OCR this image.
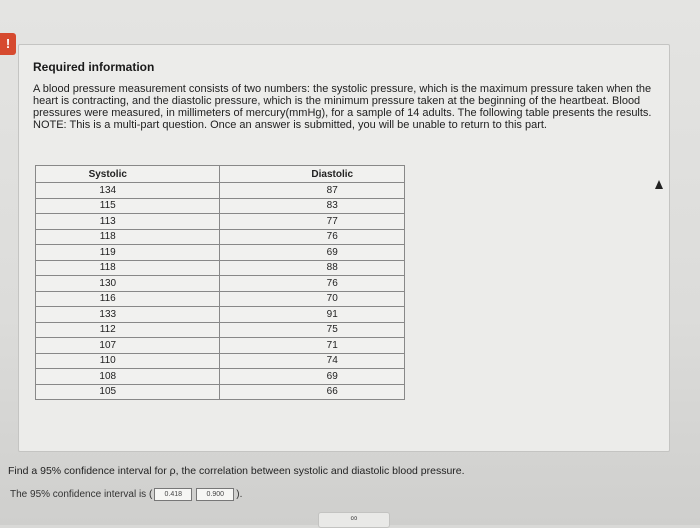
!
Required information

A blood pressure measurement consists of two numbers: the systolic pressure, which is the maximum pressure taken when the heart is contracting, and the diastolic pressure, which is the minimum pressure taken at the beginning of the heartbeat. Blood pressures were measured, in millimeters of mercury(mmHg), for a sample of 14 adults. The following table presents the results.

NOTE: This is a multi-part question. Once an answer is submitted, you will be unable to return to this part.

Systolic	Diastolic
134	87
115	83
113	77
118	76
119	69
118	88
130	76
116	70
133	91
112	75
107	71
110	74
108	69
105	66
Find a 95% confidence interval for ρ, the correlation between systolic and diastolic blood pressure.
The 95% confidence interval is ( 0.418	0.900 ).
∞
